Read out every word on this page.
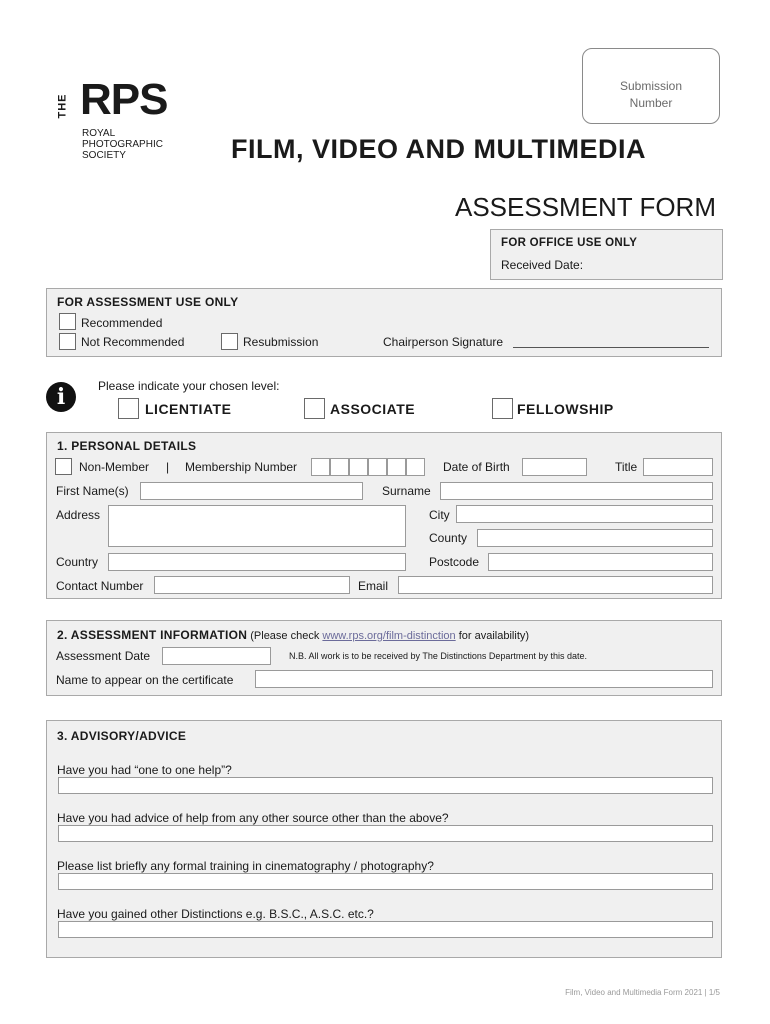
THE RPS
ROYAL
PHOTOGRAPHIC
SOCIETY
Submission
Number
FILM, VIDEO AND MULTIMEDIA
ASSESSMENT FORM
FOR OFFICE USE ONLY
Received Date:
FOR ASSESSMENT USE ONLY
Recommended
Not Recommended	Resubmission	Chairperson Signature
i	Please indicate your chosen level:
LICENTIATE	ASSOCIATE	FELLOWSHIP
1. PERSONAL DETAILS
Non-Member | Membership Number	Date of Birth	Title
First Name(s)	Surname
Address	City
County
Country	Postcode
Contact Number	Email
2. ASSESSMENT INFORMATION (Please check www.rps.org/film-distinction for availability)
Assessment Date	N.B. All work is to be received by The Distinctions Department by this date.
Name to appear on the certificate
3. ADVISORY/ADVICE
Have you had “one to one help”?
Have you had advice of help from any other source other than the above?
Please list briefly any formal training in cinematography / photography?
Have you gained other Distinctions e.g. B.S.C., A.S.C. etc.?
Film, Video and Multimedia Form 2021 | 1/5
